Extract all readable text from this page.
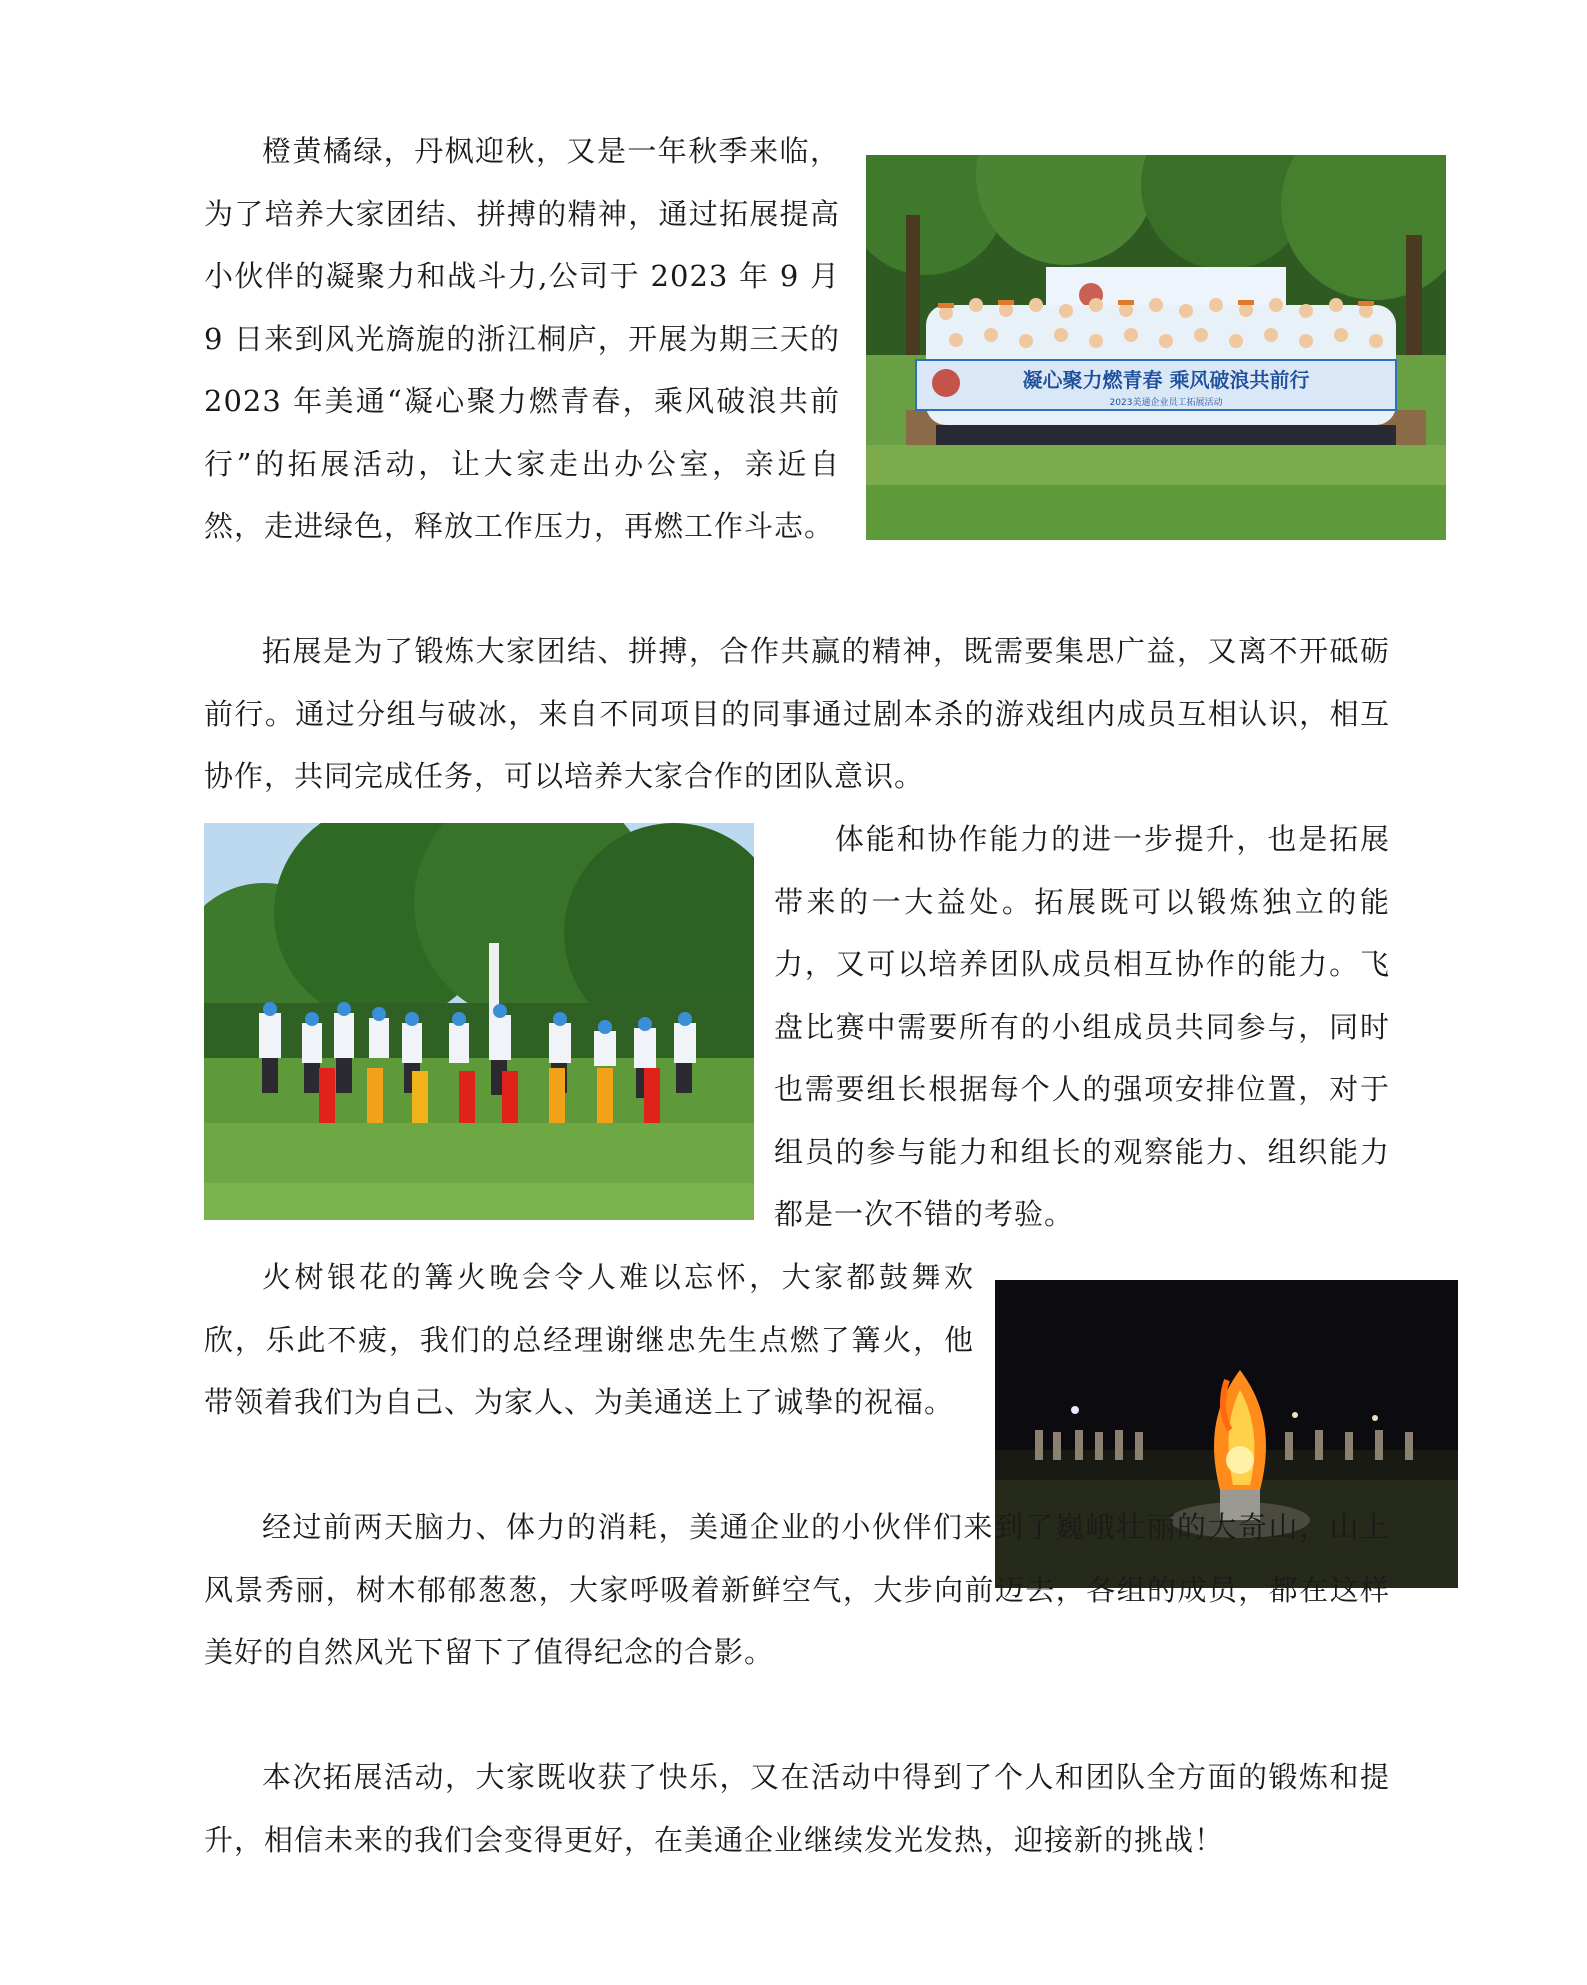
橙黄橘绿，丹枫迎秋，又是一年秋季来临，为了培养大家团结、拼搏的精神，通过拓展提高小伙伴的凝聚力和战斗力,公司于 2023 年 9 月 9 日来到风光旖旎的浙江桐庐，开展为期三天的 2023 年美通“凝心聚力燃青春，乘风破浪共前行”的拓展活动，让大家走出办公室，亲近自然，走进绿色，释放工作压力，再燃工作斗志。

凝心聚力燃青春 乘风破浪共前行
2023美通企业员工拓展活动

拓展是为了锻炼大家团结、拼搏，合作共赢的精神，既需要集思广益，又离不开砥砺前行。通过分组与破冰，来自不同项目的同事通过剧本杀的游戏组内成员互相认识，相互协作，共同完成任务，可以培养大家合作的团队意识。

体能和协作能力的进一步提升，也是拓展带来的一大益处。拓展既可以锻炼独立的能力，又可以培养团队成员相互协作的能力。飞盘比赛中需要所有的小组成员共同参与，同时也需要组长根据每个人的强项安排位置，对于组员的参与能力和组长的观察能力、组织能力都是一次不错的考验。

火树银花的篝火晚会令人难以忘怀，大家都鼓舞欢欣，乐此不疲，我们的总经理谢继忠先生点燃了篝火，他带领着我们为自己、为家人、为美通送上了诚挚的祝福。

经过前两天脑力、体力的消耗，美通企业的小伙伴们来到了巍峨壮丽的大奇山，山上风景秀丽，树木郁郁葱葱，大家呼吸着新鲜空气，大步向前迈去，各组的成员，都在这样美好的自然风光下留下了值得纪念的合影。

本次拓展活动，大家既收获了快乐，又在活动中得到了个人和团队全方面的锻炼和提升，相信未来的我们会变得更好，在美通企业继续发光发热，迎接新的挑战！
